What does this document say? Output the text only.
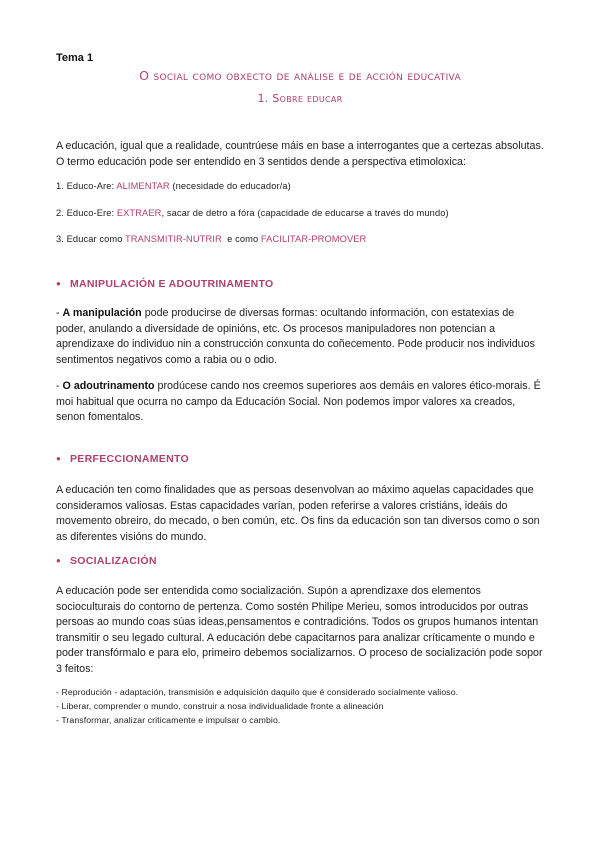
Tema 1
O social como obxecto de análise e de acción educativa
1. Sobre educar
A educación, igual que a realidade, countrúese máis en base a interrogantes que a certezas absolutas. O termo educación pode ser entendido en 3 sentidos dende a perspectiva etimoloxica:
1. Educo-Are: ALIMENTAR (necesidade do educador/a)
2. Educo-Ere: EXTRAER, sacar de detro a fóra (capacidade de educarse a través do mundo)
3. Educar como TRANSMITIR-NUTRIR  e como FACILITAR-PROMOVER
● MANIPULACIÓN E ADOUTRINAMENTO
- A manipulación pode producirse de diversas formas: ocultando información, con estatexias de poder, anulando a diversidade de opinións, etc. Os procesos manipuladores non potencian a aprendizaxe do individuo nin a construcción conxunta do coñecemento. Pode producir nos individuos sentimentos negativos como a rabia ou o odio.
- O adoutrinamento prodúcese cando nos creemos superiores aos demáis en valores ético-morais. É moi habitual que ocurra no campo da Educación Social. Non podemos impor valores xa creados, senon fomentalos.
● PERFECCIONAMENTO
A educación ten como finalidades que as persoas desenvolvan ao máximo aquelas capacidades que consideramos valiosas. Estas capacidades varían, poden referirse a valores cristiáns, ideáis do movemento obreiro, do mecado, o ben común, etc. Os fins da educación son tan diversos como o son as diferentes visións do mundo.
● SOCIALIZACIÓN
A educación pode ser entendida como socialización. Supón a aprendizaxe dos elementos socioculturais do contorno de pertenza. Como sostén Philipe Merieu, somos introducidos por outras persoas ao mundo coas súas ideas,pensamentos e contradicións. Todos os grupos humanos intentan transmitir o seu legado cultural. A educación debe capacitarnos para analizar críticamente o mundo e poder transfórmalo e para elo, primeiro debemos socializarnos. O proceso de socialización pode sopor 3 feitos:
- Reprodución - adaptación, transmisión e adquisición daquilo que é considerado socialmente valioso.
- Liberar, comprender o mundo, construir a nosa individualidade fronte a alineación
- Transformar, analizar criticamente e impulsar o cambio.
